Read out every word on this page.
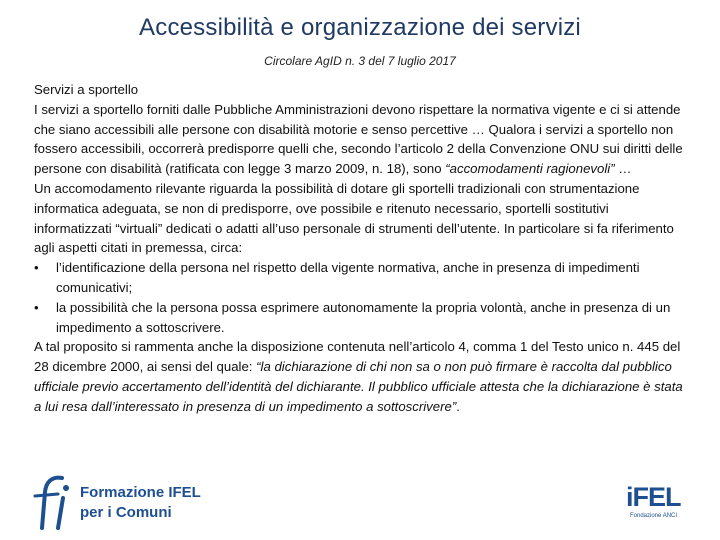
Accessibilità e organizzazione dei servizi
Circolare AgID n. 3 del 7 luglio 2017

Servizi a sportello

I servizi a sportello forniti dalle Pubbliche Amministrazioni devono rispettare la normativa vigente e ci si attende che siano accessibili alle persone con disabilità motorie e senso percettive … Qualora i servizi a sportello non fossero accessibili, occorrerà predisporre quelli che, secondo l’articolo 2 della Convenzione ONU sui diritti delle persone con disabilità (ratificata con legge 3 marzo 2009, n. 18), sono “accomodamenti ragionevoli” …

Un accomodamento rilevante riguarda la possibilità di dotare gli sportelli tradizionali con strumentazione informatica adeguata, se non di predisporre, ove possibile e ritenuto necessario, sportelli sostitutivi informatizzati “virtuali” dedicati o adatti all’uso personale di strumenti dell’utente. In particolare si fa riferimento agli aspetti citati in premessa, circa:

•	l’identificazione della persona nel rispetto della vigente normativa, anche in presenza di impedimenti comunicativi;
•	la possibilità che la persona possa esprimere autonomamente la propria volontà, anche in presenza di un impedimento a sottoscrivere.

A tal proposito si rammenta anche la disposizione contenuta nell’articolo 4, comma 1 del Testo unico n. 445 del 28 dicembre 2000, ai sensi del quale: “la dichiarazione di chi non sa o non può firmare è raccolta dal pubblico ufficiale previo accertamento dell’identità del dichiarante. Il pubblico ufficiale attesta che la dichiarazione è stata a lui resa dall’interessato in presenza di un impedimento a sottoscrivere”.

Formazione IFEL
per i Comuni
iFEL
Fondazione ANCI
